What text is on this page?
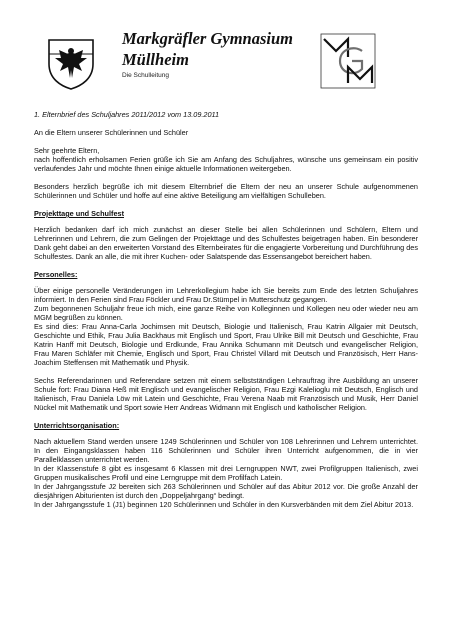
Markgräfler Gymnasium
Müllheim
Die Schulleitung

1. Elternbrief des Schuljahres 2011/2012 vom 13.09.2011

An die Eltern unserer Schülerinnen und Schüler

Sehr geehrte Eltern,

nach hoffentlich erholsamen Ferien grüße ich Sie am Anfang des Schuljahres, wünsche uns gemeinsam ein positiv verlaufendes Jahr und möchte Ihnen einige aktuelle Informationen weitergeben.

Besonders herzlich begrüße ich mit diesem Elternbrief die Eltern der neu an unserer Schule aufgenommenen Schülerinnen und Schüler und hoffe auf eine aktive Beteiligung am vielfältigen Schulleben.

Projekttage und Schulfest

Herzlich bedanken darf ich mich zunächst an dieser Stelle bei allen Schülerinnen und Schülern, Eltern und Lehrerinnen und Lehrern, die zum Gelingen der Projekttage und des Schulfestes beigetragen haben. Ein besonderer Dank geht dabei an den erweiterten Vorstand des Elternbeirates für die engagierte Vorbereitung und Durchführung des Schulfestes. Dank an alle, die mit ihrer Kuchen- oder Salatspende das Essensangebot bereichert haben.

Personelles:

Über einige personelle Veränderungen im Lehrerkollegium habe ich Sie bereits zum Ende des letzten Schuljahres informiert. In den Ferien sind Frau Föckler und Frau Dr.Stümpel in Mutterschutz gegangen.

Zum begonnenen Schuljahr freue ich mich, eine ganze Reihe von Kolleginnen und Kollegen neu oder wieder neu am MGM begrüßen zu können.

Es sind dies: Frau Anna-Carla Jochimsen mit Deutsch, Biologie und Italienisch, Frau Katrin Allgaier mit Deutsch, Geschichte und Ethik, Frau Julia Backhaus mit Englisch und Sport, Frau Ulrike Bill mit Deutsch und Geschichte, Frau Katrin Hanff mit Deutsch, Biologie und Erdkunde, Frau Annika Schumann mit Deutsch und evangelischer Religion, Frau Maren Schläfer mit Chemie, Englisch und Sport, Frau Christel Villard mit Deutsch und Französisch, Herr Hans-Joachim Steffensen mit Mathematik und Physik.

Sechs Referendarinnen und Referendare setzen mit einem selbstständigen Lehrauftrag ihre Ausbildung an unserer Schule fort: Frau Diana Heß mit Englisch und evangelischer Religion, Frau Ezgi Kalelioglu mit Deutsch, Englisch und Italienisch, Frau Daniela Löw mit Latein und Geschichte, Frau Verena Naab mit Französisch und Musik, Herr Daniel Nückel mit Mathematik und Sport sowie Herr Andreas Widmann mit Englisch und katholischer Religion.

Unterrichtsorganisation:

Nach aktuellem Stand werden unsere 1249 Schülerinnen und Schüler von 108 Lehrerinnen und Lehrern unterrichtet. In den Eingangsklassen haben 116 Schülerinnen und Schüler ihren Unterricht aufgenommen, die in vier Parallelklassen unterrichtet werden.

In der Klassenstufe 8 gibt es insgesamt 6 Klassen mit drei Lerngruppen NWT, zwei Profilgruppen Italienisch, zwei Gruppen musikalisches Profil und eine Lerngruppe mit dem Profilfach Latein.

In der Jahrgangsstufe J2 bereiten sich 263 Schülerinnen und Schüler auf das Abitur 2012 vor. Die große Anzahl der diesjährigen Abiturienten ist durch den „Doppeljahrgang“ bedingt.

In der Jahrgangsstufe 1 (J1) beginnen 120 Schülerinnen und Schüler in den Kursverbänden mit dem Ziel Abitur 2013.
